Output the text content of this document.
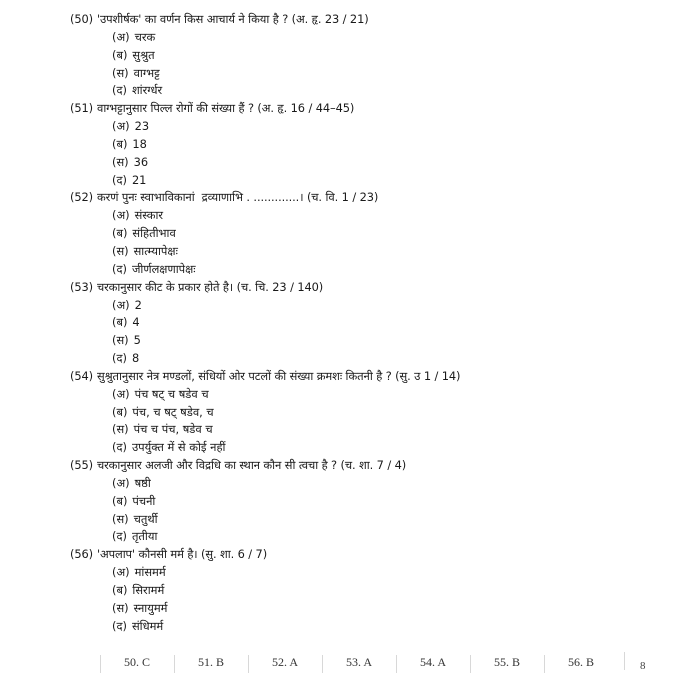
(50) 'उपशीर्षक' का वर्णन किस आचार्य ने किया है ? (अ. हृ. 23 / 21)
(अ) चरक
(ब) सुश्रुत
(स) वाग्भट्ट
(द) शांरर्ग्धर
(51) वाग्भट्टानुसार पिल्ल रोगों की संख्या हैं ? (अ. हृ. 16 / 44–45)
(अ) 23
(ब) 18
(स) 36
(द) 21
(52) करणं पुनः स्वाभाविकानां  द्रव्याणाभि . .............। (च. वि. 1 / 23)
(अ) संस्कार
(ब) संहितीभाव
(स) सात्म्यापेक्षः
(द) जीर्णलक्षणापेक्षः
(53) चरकानुसार कीट के प्रकार होते है। (च. चि. 23 / 140)
(अ) 2
(ब) 4
(स) 5
(द) 8
(54) सुश्रुतानुसार नेत्र मण्डलों, संधियों ओर पटलों की संख्या क्रमशः कितनी है ? (सु. उ 1 / 14)
(अ) पंच षट् च षडेव च
(ब) पंच, च षट् षडेव, च
(स) पंच च पंच, षडेव च
(द) उपर्युक्त में से कोई नहीं
(55) चरकानुसार अलजी और विद्रधि का स्थान कौन सी त्वचा है ? (च. शा. 7 / 4)
(अ) षष्ठी
(ब) पंचनी
(स) चतुर्थी
(द) तृतीया
(56) 'अपलाप' कौनसी मर्म है। (सु. शा. 6 / 7)
(अ) मांसमर्म
(ब) सिरामर्म
(स) स्नायुमर्म
(द) संधिमर्म
50. C	51. B	52. A	53. A	54. A	55. B	56. B	8
